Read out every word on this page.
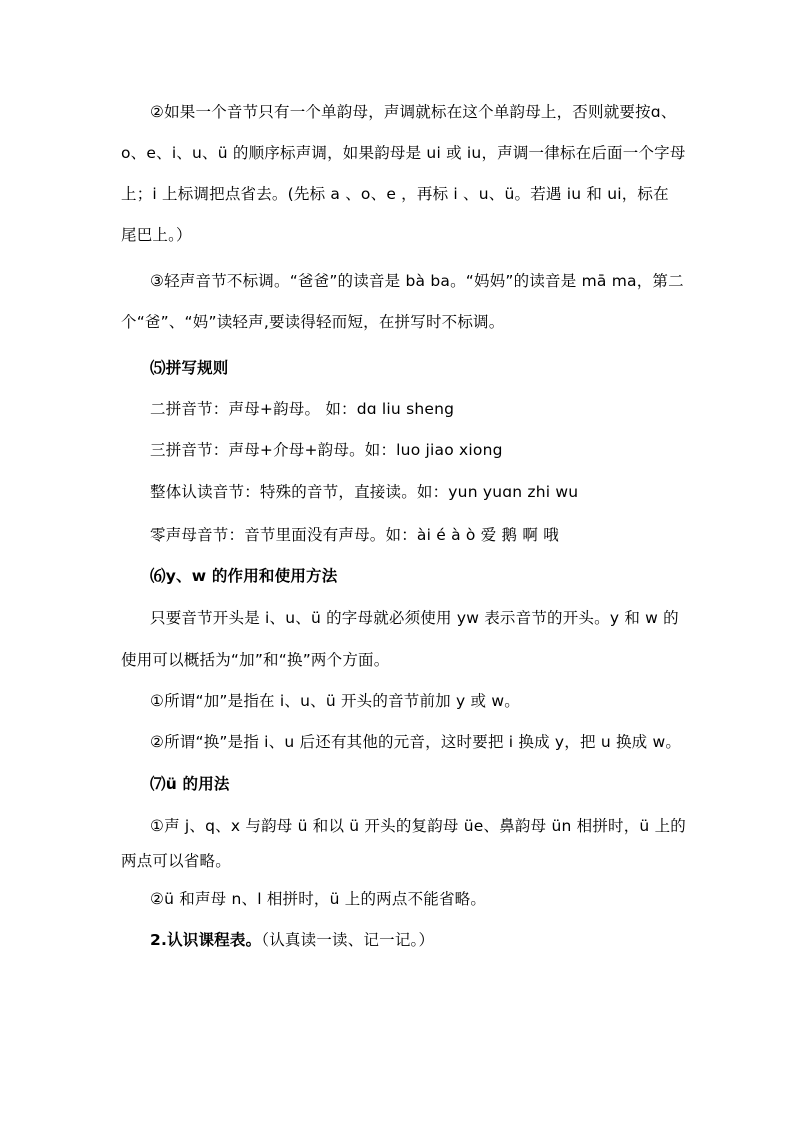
②如果一个音节只有一个单韵母，声调就标在这个单韵母上，否则就要按ɑ、
o、e、i、u、ü 的顺序标声调，如果韵母是 ui 或 iu，声调一律标在后面一个字母
上；i 上标调把点省去。(先标 a 、o、e ，再标 i 、u、ü。若遇 iu 和 ui，标在
尾巴上。）
③轻声音节不标调。“爸爸”的读音是 bà ba。“妈妈”的读音是 mā ma，第二
个“爸”、“妈”读轻声,要读得轻而短，在拼写时不标调。
⑸拼写规则
二拼音节：声母+韵母。 如：dɑ liu sheng
三拼音节：声母+介母+韵母。如：luo jiao xiong
整体认读音节：特殊的音节，直接读。如：yun yuɑn zhi wu
零声母音节：音节里面没有声母。如：ài é à ò 爱 鹅 啊 哦
⑹y、w 的作用和使用方法
只要音节开头是 i、u、ü 的字母就必须使用 yw 表示音节的开头。y 和 w 的
使用可以概括为“加”和“换”两个方面。
①所谓“加”是指在 i、u、ü 开头的音节前加 y 或 w。
②所谓“换”是指 i、u 后还有其他的元音，这时要把 i 换成 y，把 u 换成 w。
⑺ü 的用法
①声 j、q、x 与韵母 ü 和以 ü 开头的复韵母 üe、鼻韵母 ün 相拼时，ü 上的
两点可以省略。
②ü 和声母 n、l 相拼时，ü 上的两点不能省略。
2.认识课程表。（认真读一读、记一记。）
